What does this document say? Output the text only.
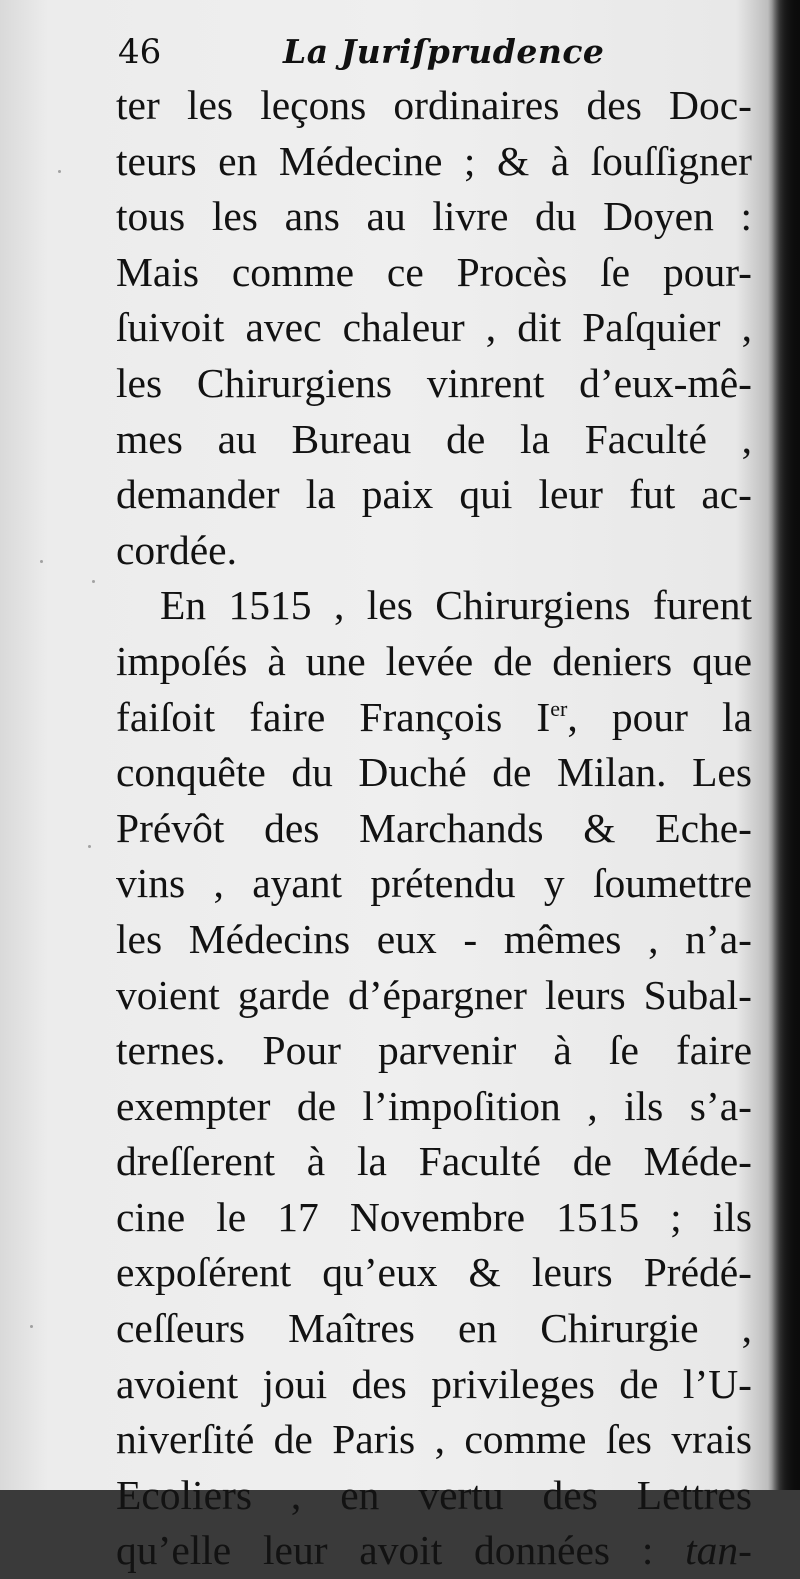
46	La Juriſprudence
ter les leçons ordinaires des Doc-
teurs en Médecine ; & à ſouſſigner
tous les ans au livre du Doyen :
Mais comme ce Procès ſe pour-
ſuivoit avec chaleur , dit Paſquier ,
les Chirurgiens vinrent d’eux-mê-
mes au Bureau de la Faculté ,
demander la paix qui leur fut ac-
cordée.
En 1515 , les Chirurgiens furent
impoſés à une levée de deniers que
faiſoit faire François Ier, pour la
conquête du Duché de Milan. Les
Prévôt des Marchands & Eche-
vins , ayant prétendu y ſoumettre
les Médecins eux - mêmes , n’a-
voient garde d’épargner leurs Subal-
ternes. Pour parvenir à ſe faire
exempter de l’impoſition , ils s’a-
dreſſerent à la Faculté de Méde-
cine le 17 Novembre 1515 ; ils
expoſérent qu’eux & leurs Prédé-
ceſſeurs Maîtres en Chirurgie ,
avoient joui des privileges de l’U-
niverſité de Paris , comme ſes vrais
Ecoliers , en vertu des Lettres
qu’elle leur avoit données : tan-
